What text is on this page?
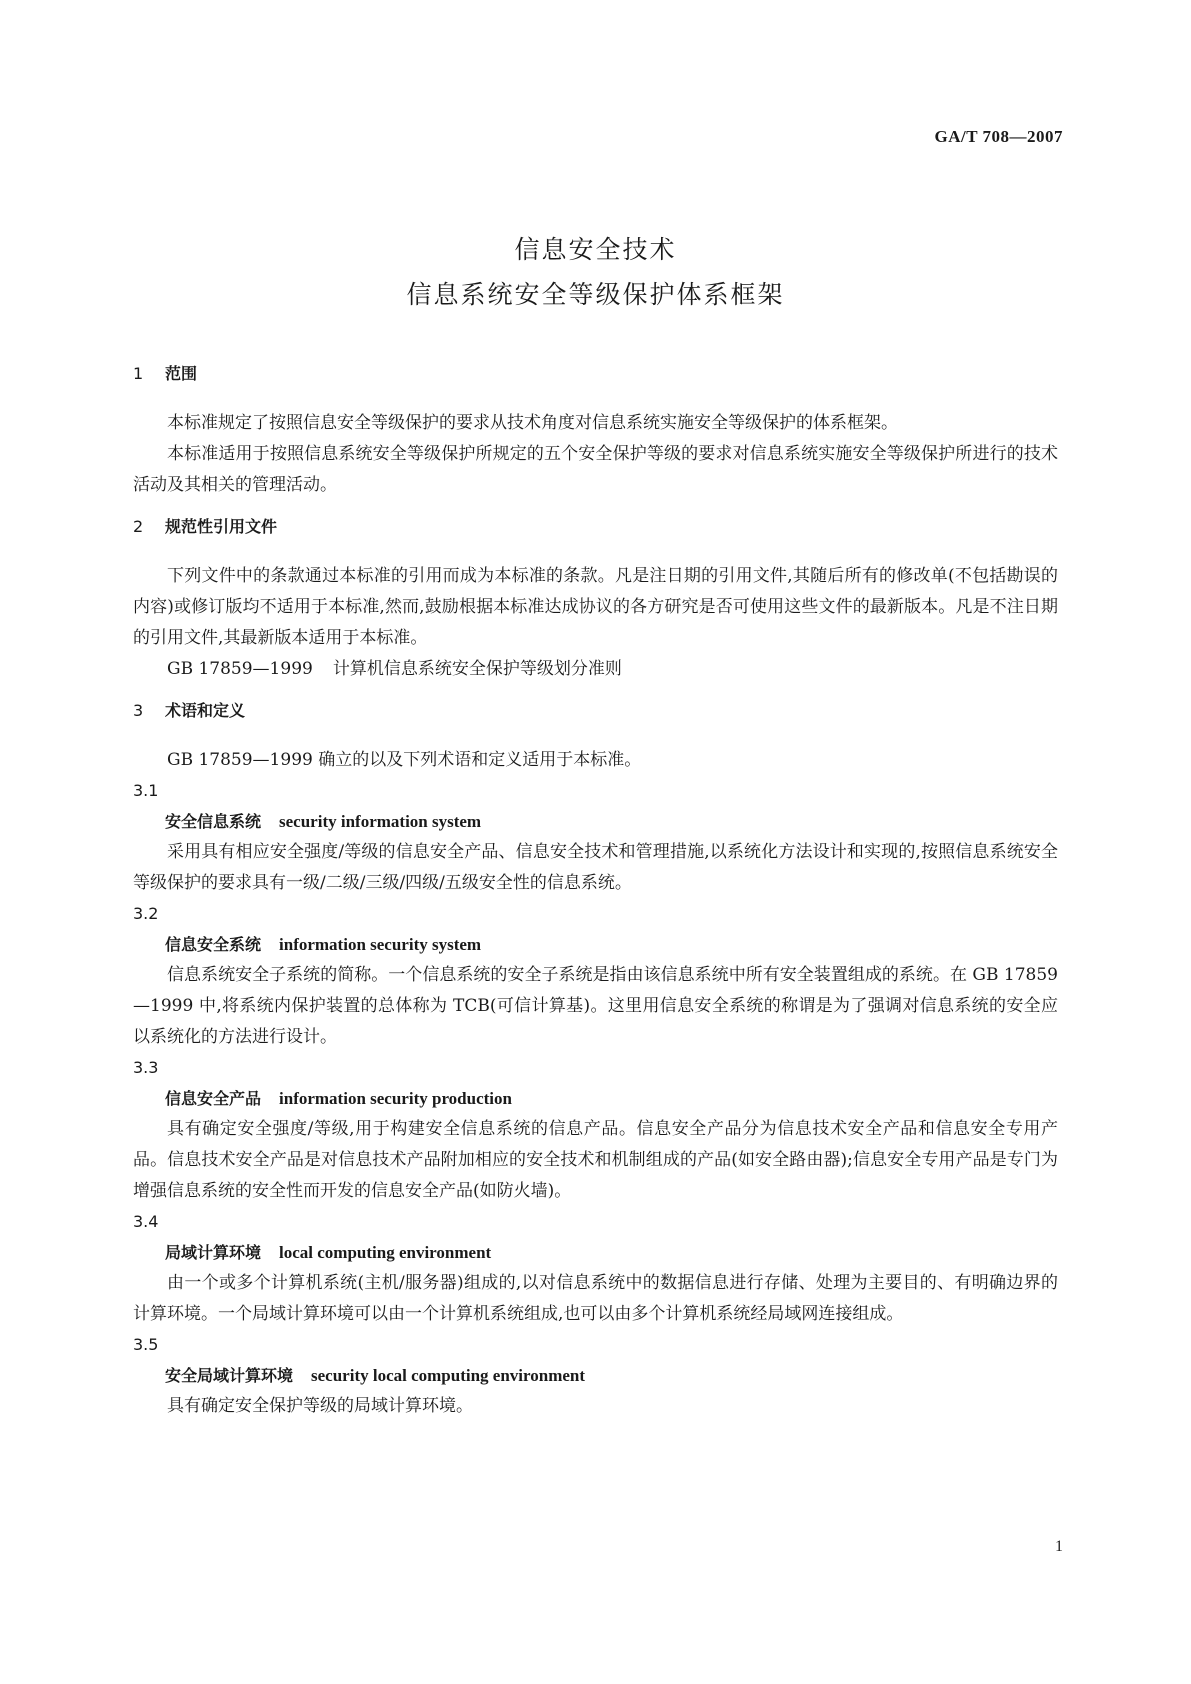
GA/T 708—2007
信息安全技术
信息系统安全等级保护体系框架
1 范围

本标准规定了按照信息安全等级保护的要求从技术角度对信息系统实施安全等级保护的体系框架。

本标准适用于按照信息系统安全等级保护所规定的五个安全保护等级的要求对信息系统实施安全等级保护所进行的技术活动及其相关的管理活动。

2 规范性引用文件

下列文件中的条款通过本标准的引用而成为本标准的条款。凡是注日期的引用文件,其随后所有的修改单(不包括勘误的内容)或修订版均不适用于本标准,然而,鼓励根据本标准达成协议的各方研究是否可使用这些文件的最新版本。凡是不注日期的引用文件,其最新版本适用于本标准。

GB 17859—1999 计算机信息系统安全保护等级划分准则
3 术语和定义

GB 17859—1999 确立的以及下列术语和定义适用于本标准。

3.1

安全信息系统 security information system

采用具有相应安全强度/等级的信息安全产品、信息安全技术和管理措施,以系统化方法设计和实现的,按照信息系统安全等级保护的要求具有一级/二级/三级/四级/五级安全性的信息系统。

3.2

信息安全系统 information security system

信息系统安全子系统的简称。一个信息系统的安全子系统是指由该信息系统中所有安全装置组成的系统。在 GB 17859—1999 中,将系统内保护装置的总体称为 TCB(可信计算基)。这里用信息安全系统的称谓是为了强调对信息系统的安全应以系统化的方法进行设计。

3.3

信息安全产品 information security production

具有确定安全强度/等级,用于构建安全信息系统的信息产品。信息安全产品分为信息技术安全产品和信息安全专用产品。信息技术安全产品是对信息技术产品附加相应的安全技术和机制组成的产品(如安全路由器);信息安全专用产品是专门为增强信息系统的安全性而开发的信息安全产品(如防火墙)。

3.4

局域计算环境 local computing environment

由一个或多个计算机系统(主机/服务器)组成的,以对信息系统中的数据信息进行存储、处理为主要目的、有明确边界的计算环境。一个局域计算环境可以由一个计算机系统组成,也可以由多个计算机系统经局域网连接组成。

3.5

安全局域计算环境 security local computing environment

具有确定安全保护等级的局域计算环境。

1
